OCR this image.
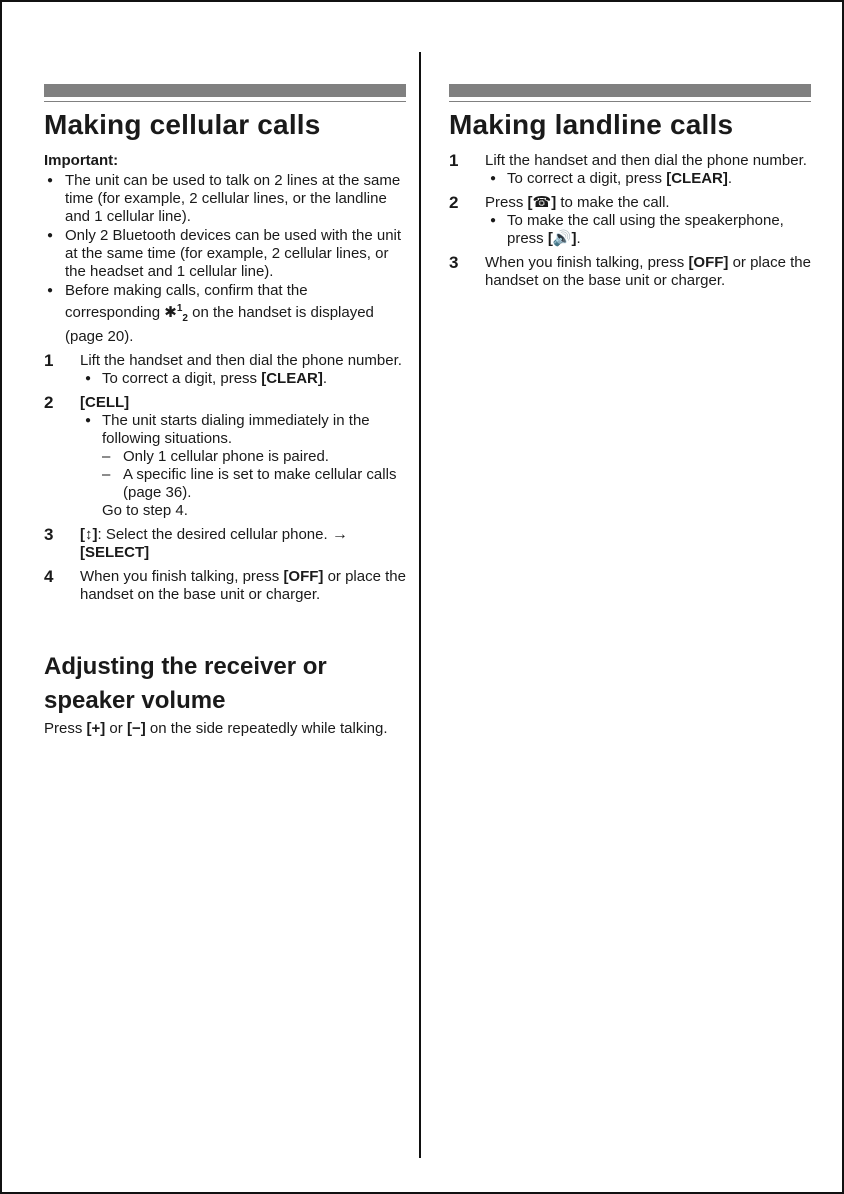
Making cellular calls
Important:
● The unit can be used to talk on 2 lines at the same time (for example, 2 cellular lines, or the landline and 1 cellular line).
● Only 2 Bluetooth devices can be used with the unit at the same time (for example, 2 cellular lines, or the headset and 1 cellular line).
● Before making calls, confirm that the corresponding ✱$^1_2$ on the handset is displayed (page 20).
1 Lift the handset and then dial the phone number.
● To correct a digit, press [CLEAR].
2 [CELL]
● The unit starts dialing immediately in the following situations.
– Only 1 cellular phone is paired.
– A specific line is set to make cellular calls (page 36).
Go to step 4.
3 [↕]: Select the desired cellular phone. →
[SELECT]
4 When you finish talking, press [OFF] or place the handset on the base unit or charger.
Adjusting the receiver or speaker volume

Press [+] or [−] on the side repeatedly while talking.

Making landline calls
1 Lift the handset and then dial the phone number.
● To correct a digit, press [CLEAR].
2 Press [☎] to make the call.
● To make the call using the speakerphone, press [🔊].
3 When you finish talking, press [OFF] or place the handset on the base unit or charger.
